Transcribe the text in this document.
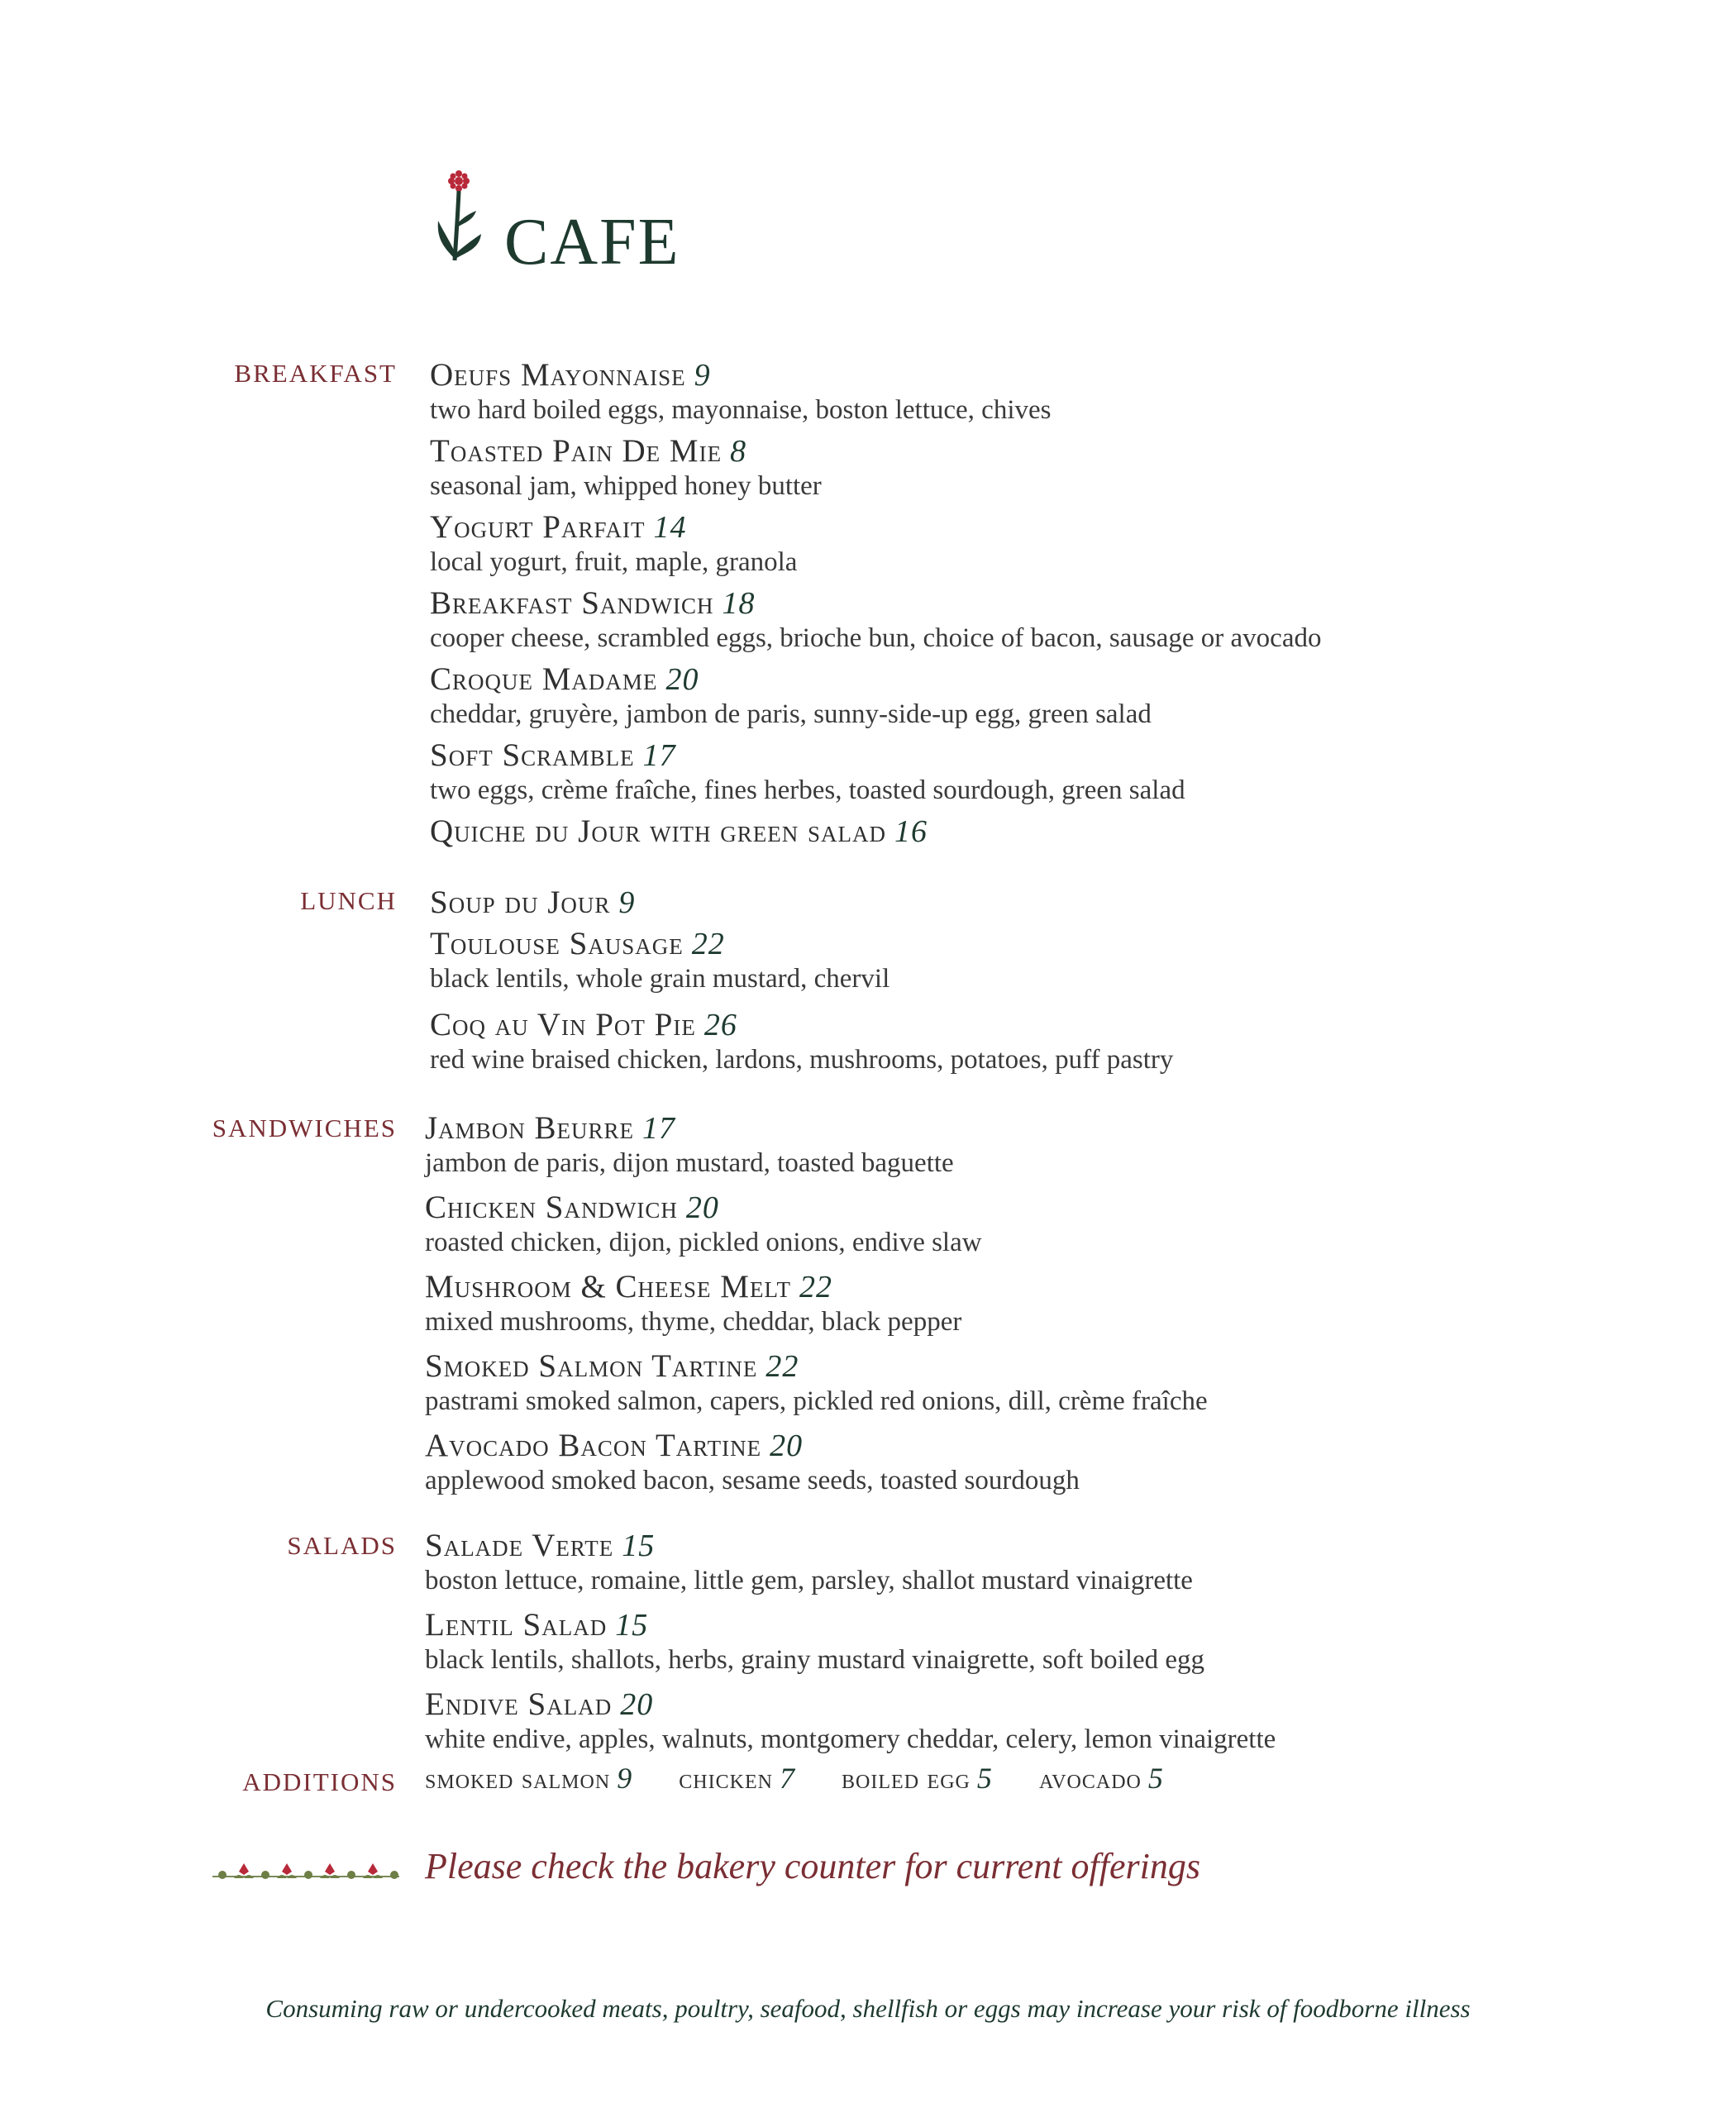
CAFE
BREAKFAST Oeufs Mayonnaise 9
two hard boiled eggs, mayonnaise, boston lettuce, chives
Toasted Pain De Mie 8
seasonal jam, whipped honey butter
Yogurt Parfait 14
local yogurt, fruit, maple, granola
Breakfast Sandwich 18
cooper cheese, scrambled eggs, brioche bun, choice of bacon, sausage or avocado
Croque Madame 20
cheddar, gruyère, jambon de paris, sunny-side-up egg, green salad
Soft Scramble 17
two eggs, crème fraîche, fines herbes, toasted sourdough, green salad
Quiche du Jour with green salad 16
LUNCH Soup du Jour 9
Toulouse Sausage 22
black lentils, whole grain mustard, chervil
Coq au Vin Pot Pie 26
red wine braised chicken, lardons, mushrooms, potatoes, puff pastry
SANDWICHES Jambon Beurre 17
jambon de paris, dijon mustard, toasted baguette
Chicken Sandwich 20
roasted chicken, dijon, pickled onions, endive slaw
Mushroom & Cheese Melt 22
mixed mushrooms, thyme, cheddar, black pepper
Smoked Salmon Tartine 22
pastrami smoked salmon, capers, pickled red onions, dill, crème fraîche
Avocado Bacon Tartine 20
applewood smoked bacon, sesame seeds, toasted sourdough
SALADS Salade Verte 15
boston lettuce, romaine, little gem, parsley, shallot mustard vinaigrette
Lentil Salad 15
black lentils, shallots, herbs, grainy mustard vinaigrette, soft boiled egg
Endive Salad 20
white endive, apples, walnuts, montgomery cheddar, celery, lemon vinaigrette
ADDITIONS smoked salmon 9 chicken 7 boiled egg 5 avocado 5
Please check the bakery counter for current offerings
Consuming raw or undercooked meats, poultry, seafood, shellfish or eggs may increase your risk of foodborne illness
